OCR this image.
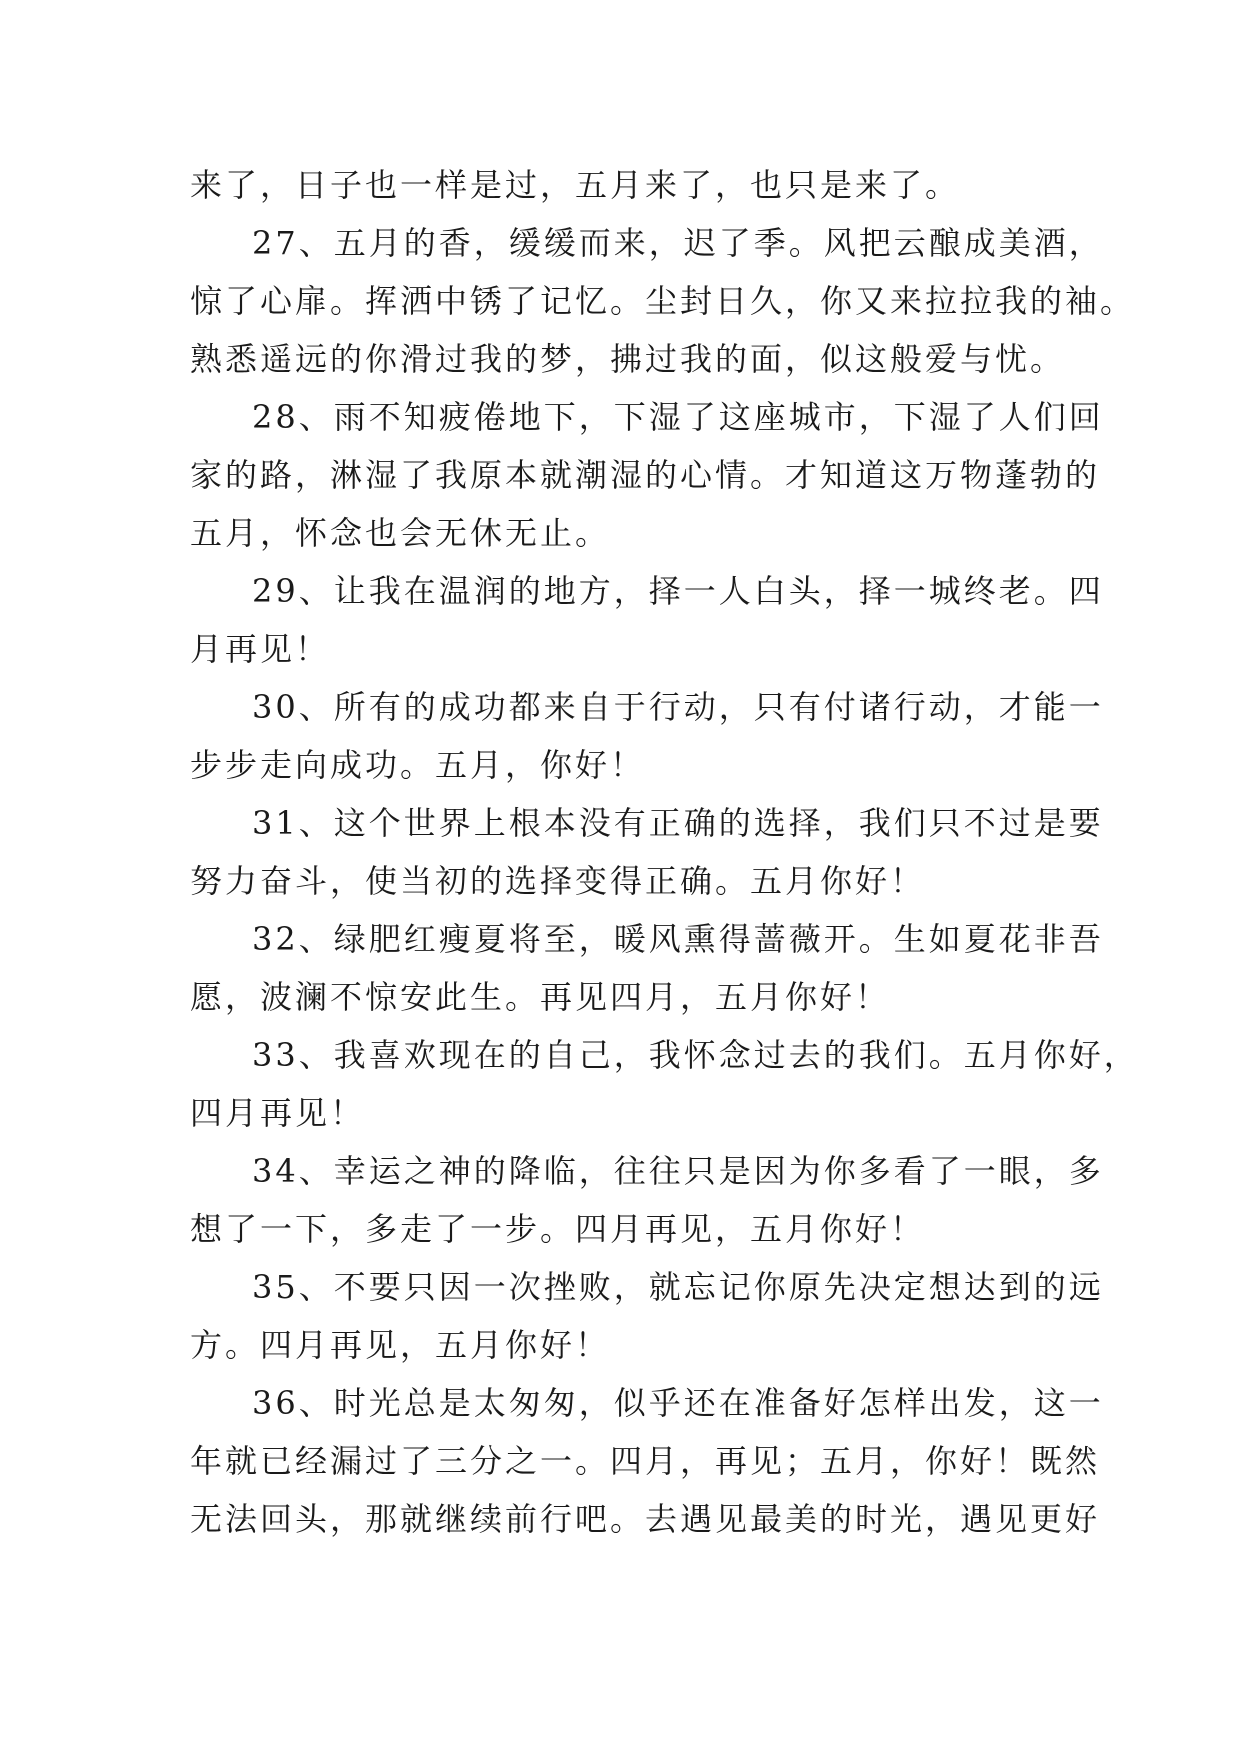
来了，日子也一样是过，五月来了，也只是来了。
27、五月的香，缓缓而来，迟了季。风把云酿成美酒，
惊了心扉。挥洒中锈了记忆。尘封日久，你又来拉拉我的袖。
熟悉遥远的你滑过我的梦，拂过我的面，似这般爱与忧。
28、雨不知疲倦地下，下湿了这座城市，下湿了人们回
家的路，淋湿了我原本就潮湿的心情。才知道这万物蓬勃的
五月，怀念也会无休无止。
29、让我在温润的地方，择一人白头，择一城终老。四
月再见！
30、所有的成功都来自于行动，只有付诸行动，才能一
步步走向成功。五月，你好！
31、这个世界上根本没有正确的选择，我们只不过是要
努力奋斗，使当初的选择变得正确。五月你好！
32、绿肥红瘦夏将至，暖风熏得蔷薇开。生如夏花非吾
愿，波澜不惊安此生。再见四月，五月你好！
33、我喜欢现在的自己，我怀念过去的我们。五月你好，
四月再见！
34、幸运之神的降临，往往只是因为你多看了一眼，多
想了一下，多走了一步。四月再见，五月你好！
35、不要只因一次挫败，就忘记你原先决定想达到的远
方。四月再见，五月你好！
36、时光总是太匆匆，似乎还在准备好怎样出发，这一
年就已经漏过了三分之一。四月，再见；五月，你好！既然
无法回头，那就继续前行吧。去遇见最美的时光，遇见更好
